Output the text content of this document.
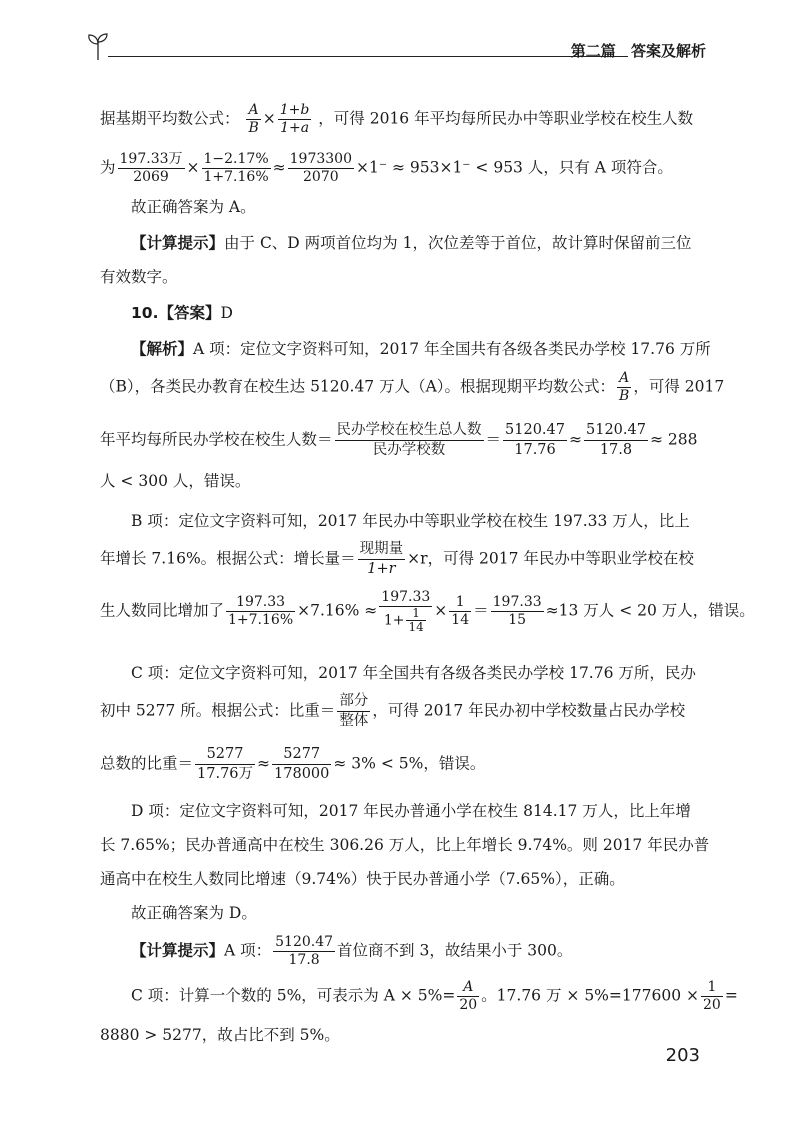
第二篇 答案及解析
据基期平均数公式： $\frac{A}{B} \times \frac{1+b}{1+a}$ ，可得 2016 年平均每所民办中等职业学校在校生人数
为 $\frac{\text{197.33万}}{2069} \times \frac{1-2.17\%}{1+7.16\%} \approx \frac{1973300}{2070} \times 1^- \approx 953\times 1^- < 953$ 人，只有 A 项符合。
故正确答案为 A。
【计算提示】由于 C、D 两项首位均为 1，次位差等于首位，故计算时保留前三位
有效数字。
10.【答案】D
【解析】A 项：定位文字资料可知，2017 年全国共有各级各类民办学校 17.76 万所
（B），各类民办教育在校生达 5120.47 万人（A）。根据现期平均数公式： $\frac{A}{B}$ ，可得 2017
年平均每所民办学校在校生人数＝ $\frac{\text{民办学校在校生总人数}}{\text{民办学校数}} = \frac{5120.47}{17.76} \approx \frac{5120.47}{17.8} \approx 288$
人 < 300 人，错误。
B 项：定位文字资料可知，2017 年民办中等职业学校在校生 197.33 万人，比上
年增长 7.16%。根据公式：增长量＝ $\frac{\text{现期量}}{1+r} \times r$，可得 2017 年民办中等职业学校在校
生人数同比增加了 $\frac{197.33}{1+7.16\%} \times 7.16\% \approx \frac{197.33}{1+ \frac{1}{14}} \times \frac{1}{14} = \frac{197.33}{15} \approx 13$ 万人 < 20 万人，错误。
C 项：定位文字资料可知，2017 年全国共有各级各类民办学校 17.76 万所，民办
初中 5277 所。根据公式：比重＝ $\frac{\text{部分}}{\text{整体}}$ ，可得 2017 年民办初中学校数量占民办学校
总数的比重＝ $\frac{5277}{\text{17.76万}} \approx \frac{5277}{178000} \approx 3\% < 5\%$，错误。
D 项：定位文字资料可知，2017 年民办普通小学在校生 814.17 万人，比上年增
长 7.65%；民办普通高中在校生 306.26 万人，比上年增长 9.74%。则 2017 年民办普
通高中在校生人数同比增速（9.74%）快于民办普通小学（7.65%），正确。
故正确答案为 D。
【计算提示】A 项： $\frac{5120.47}{17.8}$ 首位商不到 3，故结果小于 300。
C 项：计算一个数的 5%，可表示为 $A \times 5\%= \frac{A}{20}$ 。17.76 万 × $5\%=177600 \times \frac{1}{20}$ =
8880 > 5277，故占比不到 5%。
203
